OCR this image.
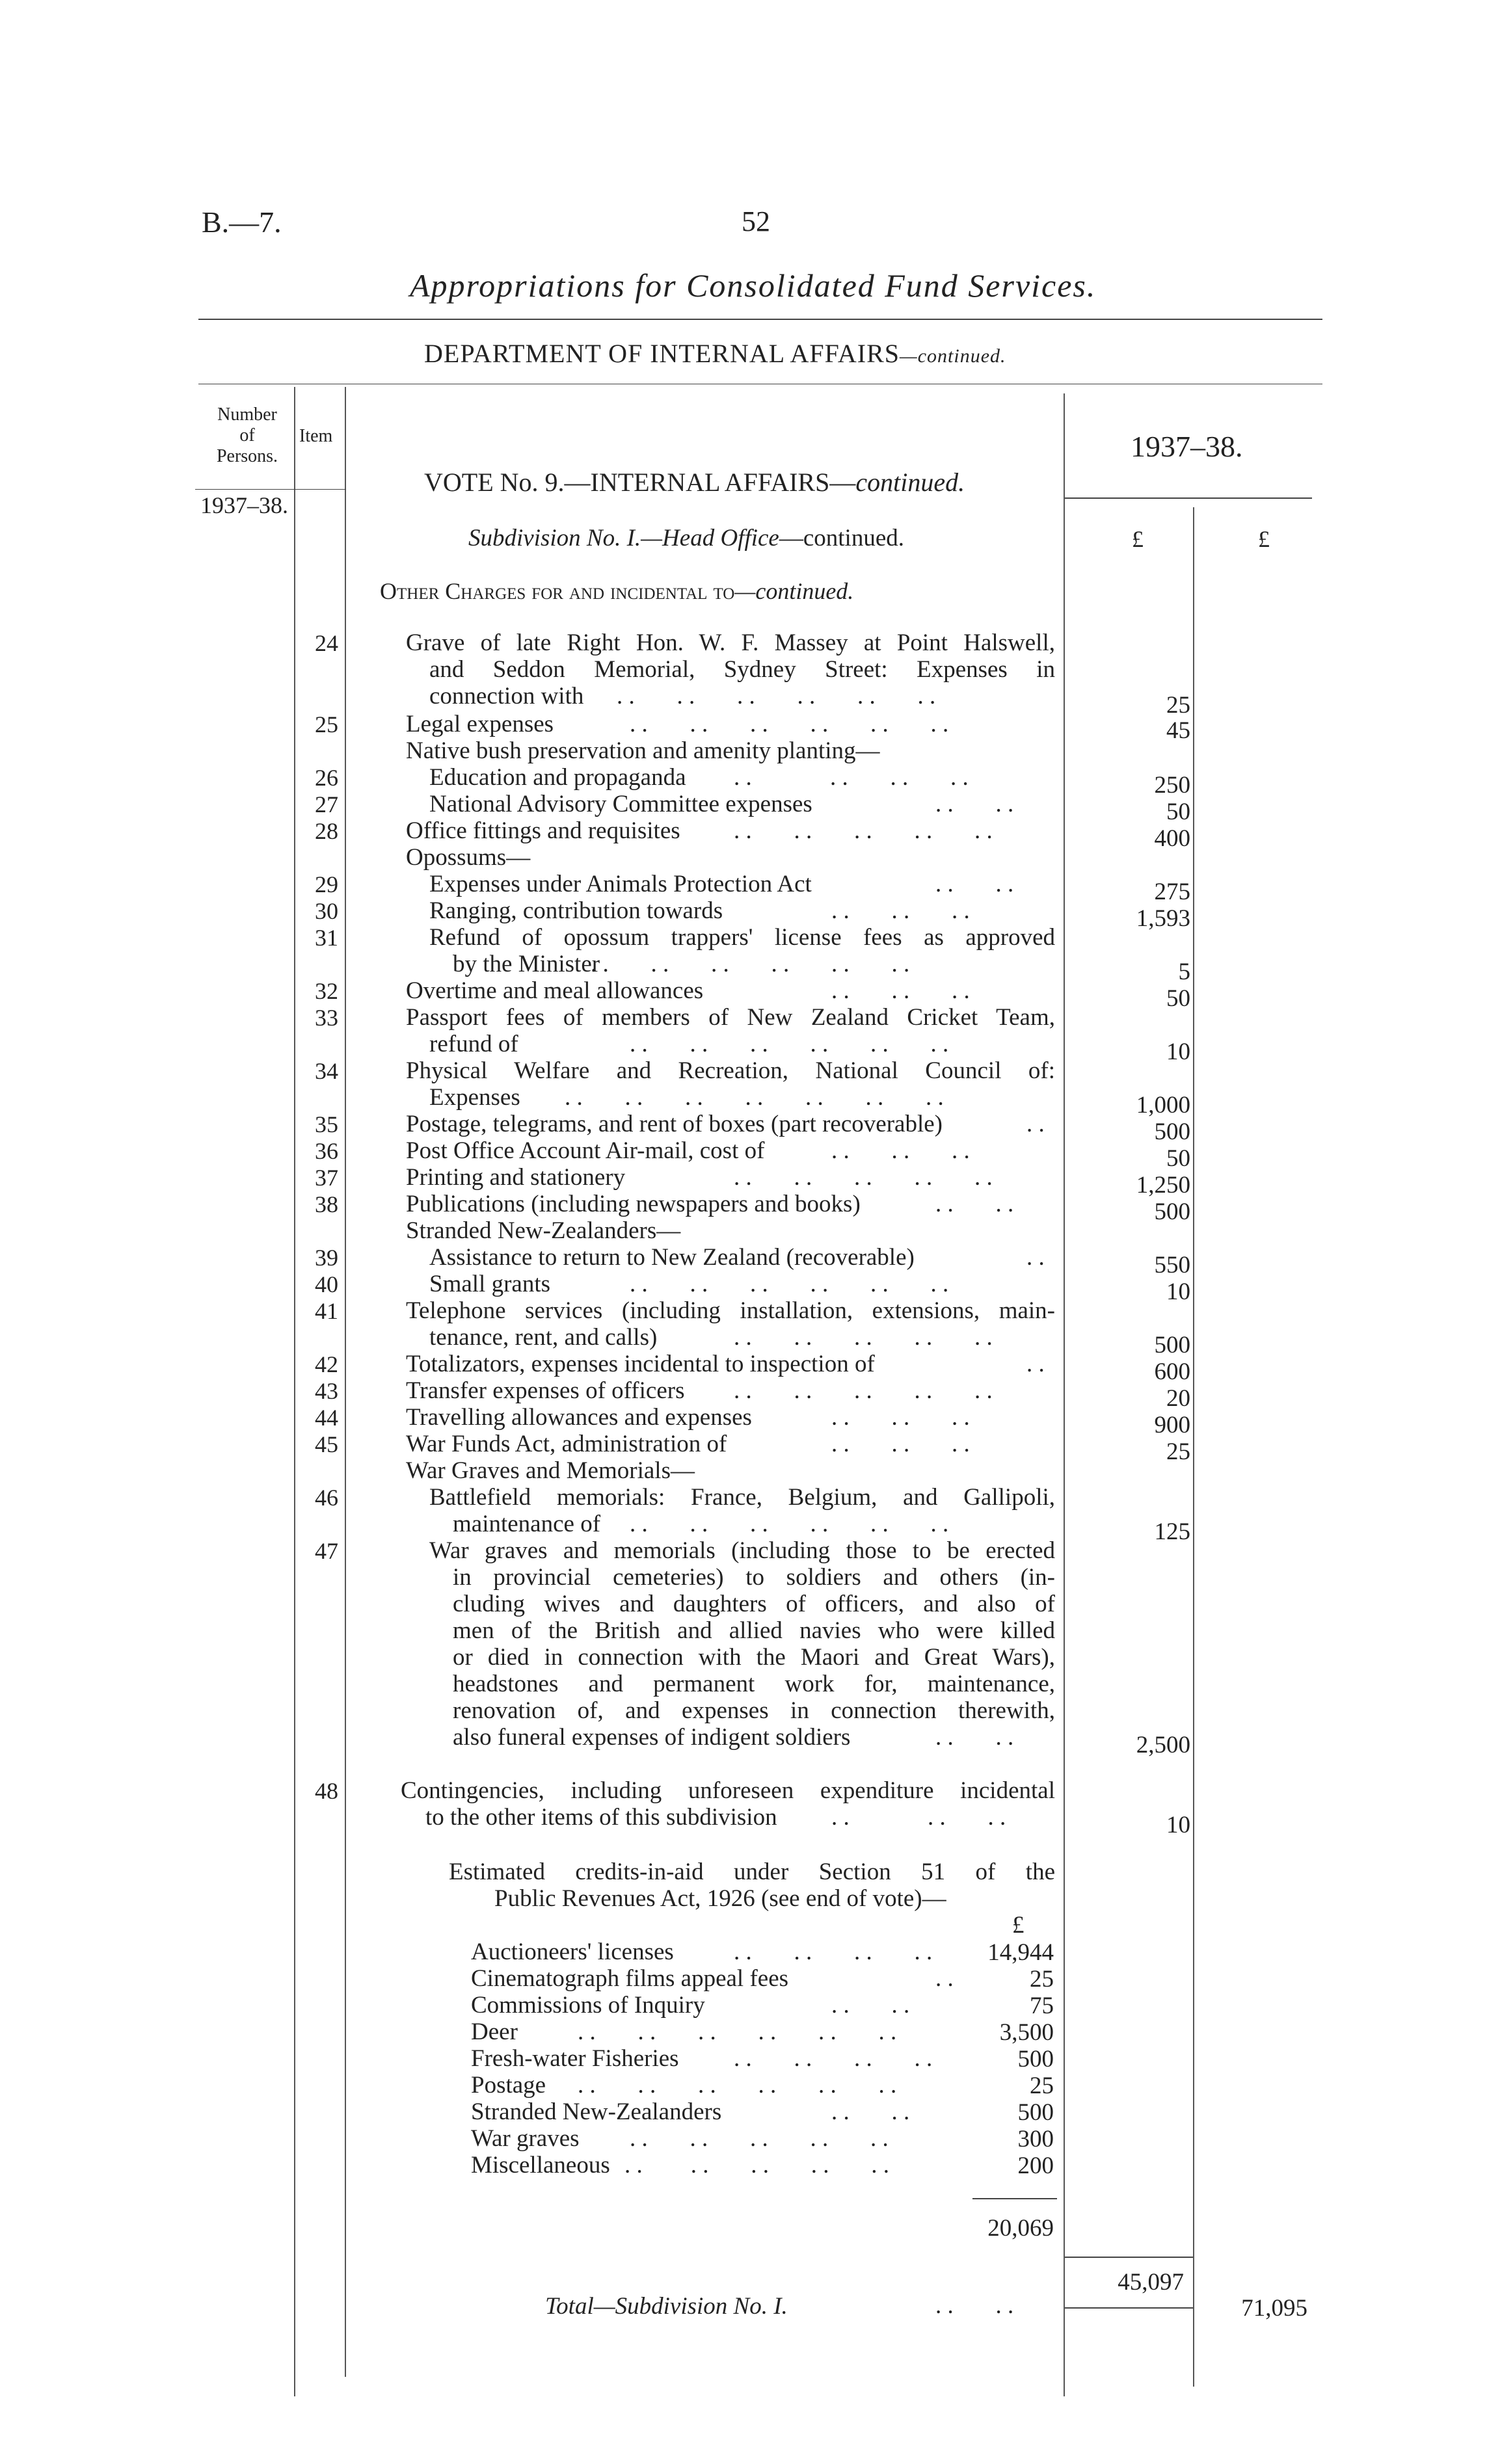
B.—7.	52
Appropriations for Consolidated Fund Services.
DEPARTMENT OF INTERNAL AFFAIRS—continued.
Number
of
Persons.
Item
1937–38.
1937–38.
£	£
VOTE No. 9.—INTERNAL AFFAIRS—continued.
Subdivision No. I.—Head Office—continued.
Other Charges for and incidental to—continued.
24	Grave of late Right Hon. W. F. Massey at Point Halswell,
and Seddon Memorial, Sydney Street: Expenses in
connection with . .       . .       . .       . .       . .       . .	25
25	Legal expenses	. .       . .       . .       . .       . .       . .	45
Native bush preservation and amenity planting—
26	Education and propaganda . .             . .       . .       . .	250
27	National Advisory Committee expenses	. .       . .	50
28	Office fittings and requisites . .       . .       . .       . .       . .	400
Opossums—
29	Expenses under Animals Protection Act	. .       . .	275
30	Ranging, contribution towards	. .       . .       . .	1,593
31	Refund of opossum trappers' license fees as approved
by the Minister
. .       . .       . .       . .       . .       . .	5
32	Overtime and meal allowances	. .       . .       . .	50
33	Passport fees of members of New Zealand Cricket Team,
refund of	. .       . .       . .       . .       . .       . .	10
34	Physical Welfare and Recreation, National Council of:
Expenses . .       . .       . .       . .       . .       . .       . .	1,000
35	Postage, telegrams, and rent of boxes (part recoverable)	. .	500
36	Post Office Account Air-mail, cost of	. .       . .       . .	50
37	Printing and stationery	. .       . .       . .       . .       . .	1,250
38	Publications (including newspapers and books)	. .       . .	500
Stranded New-Zealanders—
39	Assistance to return to New Zealand (recoverable)	. .	550
40	Small grants	. .       . .       . .       . .       . .       . .	10
41	Telephone services (including installation, extensions, main-
tenance, rent, and calls)	. .       . .       . .       . .       . .	500
42	Totalizators, expenses incidental to inspection of	. .	600
43	Transfer expenses of officers . .       . .       . .       . .       . .	20
44	Travelling allowances and expenses	. .       . .       . .	900
45	War Funds Act, administration of	. .       . .       . .	25
War Graves and Memorials—
46	Battlefield memorials: France, Belgium, and Gallipoli,
maintenance of . .       . .       . .       . .       . .       . .	125
47	War graves and memorials (including those to be erected
in provincial cemeteries) to soldiers and others (in-
cluding wives and daughters of officers, and also of
men of the British and allied navies who were killed
or died in connection with the Maori and Great Wars),
headstones and permanent work for, maintenance,
renovation of, and expenses in connection therewith,
also funeral expenses of indigent soldiers	. .       . .	2,500
48	Contingencies, including unforeseen expenditure incidental
to the other items of this subdivision . .             . .       . .	10
Estimated credits-in-aid under Section 51 of the
Public Revenues Act, 1926 (see end of vote)—
£
Auctioneers' licenses . .       . .       . .       . .	14,944
Cinematograph films appeal fees	. .	25
Commissions of Inquiry	. .       . .	75
Deer . .       . .       . .       . .       . .       . .	3,500
Fresh-water Fisheries . .       . .       . .       . .	500
Postage . .       . .       . .       . .       . .       . .	25
Stranded New-Zealanders	. .       . .	500
War graves . .       . .       . .       . .       . .	300
Miscellaneous . .        . .       . .       . .       . .	200
20,069
45,097
Total—Subdivision No. I.	. .       . .	71,095
